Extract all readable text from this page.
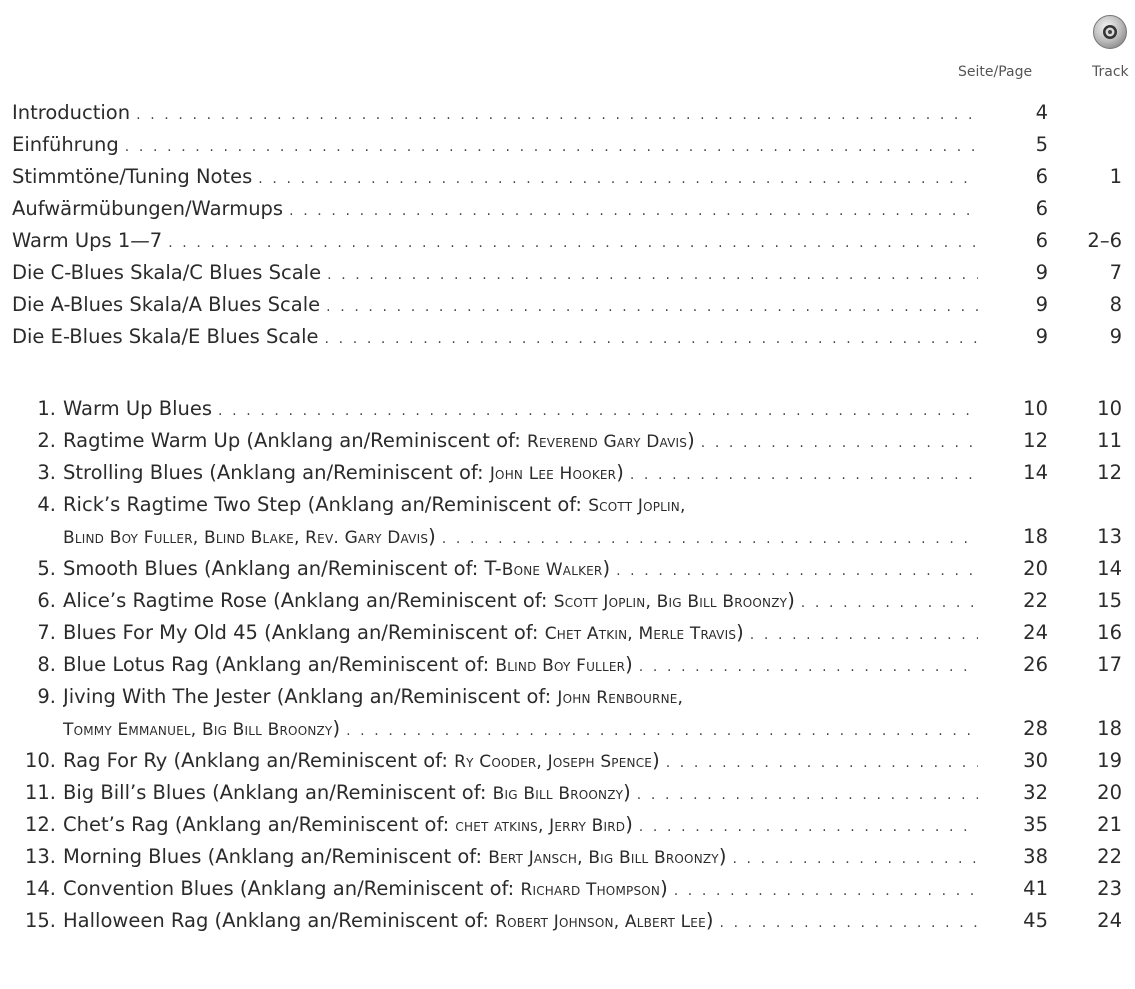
Seite/Page	Track
Introduction . . .	4
Einführung . . .	5
Stimmtöne/Tuning Notes . . .	6	1
Aufwärmübungen/Warmups . . .	6
Warm Ups 1—7 . . .	6	2–6
Die C-Blues Skala/C Blues Scale . . .	9	7
Die A-Blues Skala/A Blues Scale . . .	9	8
Die E-Blues Skala/E Blues Scale . . .	9	9
1. Warm Up Blues . . .	10	10
2. Ragtime Warm Up (Anklang an/Reminiscent of: Reverend Gary Davis) . . .	12	11
3. Strolling Blues (Anklang an/Reminiscent of: John Lee Hooker) . . .	14	12
4. Rick’s Ragtime Two Step (Anklang an/Reminiscent of: Scott Joplin,
Blind Boy Fuller, Blind Blake, Rev. Gary Davis) . . .	18	13
5. Smooth Blues (Anklang an/Reminiscent of: T-Bone Walker) . . .	20	14
6. Alice’s Ragtime Rose (Anklang an/Reminiscent of: Scott Joplin, Big Bill Broonzy) . . .	22	15
7. Blues For My Old 45 (Anklang an/Reminiscent of: Chet Atkin, Merle Travis) . . .	24	16
8. Blue Lotus Rag (Anklang an/Reminiscent of: Blind Boy Fuller) . . .	26	17
9. Jiving With The Jester (Anklang an/Reminiscent of: John Renbourne,
Tommy Emmanuel, Big Bill Broonzy) . . .	28	18
10. Rag For Ry (Anklang an/Reminiscent of: Ry Cooder, Joseph Spence) . . .	30	19
11. Big Bill’s Blues (Anklang an/Reminiscent of: Big Bill Broonzy) . . .	32	20
12. Chet’s Rag (Anklang an/Reminiscent of: chet atkins, Jerry Bird) . . .	35	21
13. Morning Blues (Anklang an/Reminiscent of: Bert Jansch, Big Bill Broonzy) . . .	38	22
14. Convention Blues (Anklang an/Reminiscent of: Richard Thompson) . . .	41	23
15. Halloween Rag (Anklang an/Reminiscent of: Robert Johnson, Albert Lee) . . .	45	24
